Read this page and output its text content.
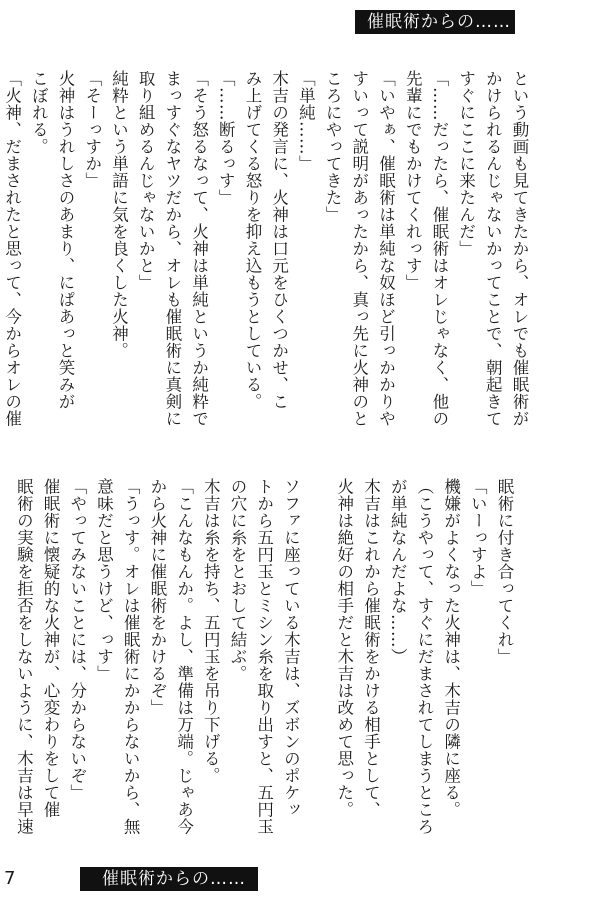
催眠術からの……
という動画も見てきたから、オレでも催眠術が
かけられるんじゃないかってことで、朝起きて
すぐにここに来たんだ」
「……だったら、催眠術はオレじゃなく、他の
先輩にでもかけてくれっす」
「いやぁ、催眠術は単純な奴ほど引っかかりや
すいって説明があったから、真っ先に火神のと
ころにやってきた」
「単純……」
木吉の発言に、火神は口元をひくつかせ、こ
み上げてくる怒りを抑え込もうとしている。
「……断るっす」
「そう怒るなって、火神は単純というか純粋で
まっすぐなヤツだから、オレも催眠術に真剣に
取り組めるんじゃないかと」
純粋という単語に気を良くした火神。
「そーっすか」
火神はうれしさのあまり、にぱあっと笑みが
こぼれる。
「火神、だまされたと思って、今からオレの催
眠術に付き合ってくれ」
「いーっすよ」
機嫌がよくなった火神は、木吉の隣に座る。
（こうやって、すぐにだまされてしまうところ
が単純なんだよな……）
木吉はこれから催眠術をかける相手として、
火神は絶好の相手だと木吉は改めて思った。

ソファに座っている木吉は、ズボンのポケッ
トから五円玉とミシン糸を取り出すと、五円玉
の穴に糸をとおして結ぶ。
木吉は糸を持ち、五円玉を吊り下げる。
「こんなもんか。よし、準備は万端。じゃあ今
から火神に催眠術をかけるぞ」
「うっす。オレは催眠術にかからないから、無
意味だと思うけど、っす」
「やってみないことには、分からないぞ」
催眠術に懐疑的な火神が、心変わりをして催
眠術の実験を拒否をしないように、木吉は早速
7	催眠術からの……
